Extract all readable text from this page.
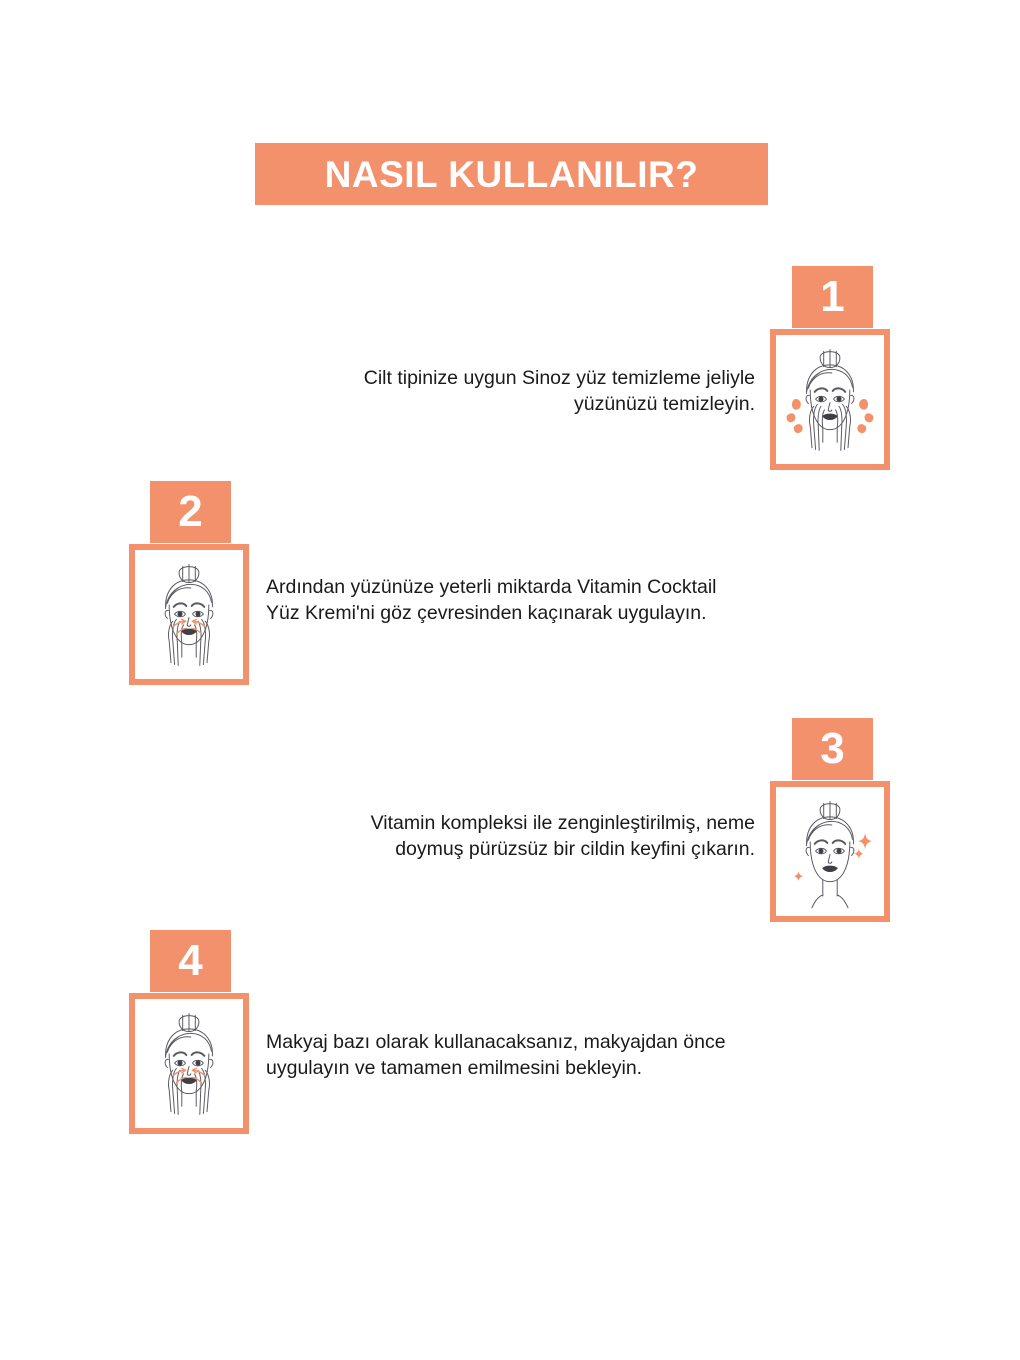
NASIL KULLANILIR?
1
Cilt tipinize uygun Sinoz yüz temizleme jeliyle yüzünüzü temizleyin.
2
Ardından yüzünüze yeterli miktarda Vitamin Cocktail Yüz Kremi'ni göz çevresinden kaçınarak uygulayın.
3
Vitamin kompleksi ile zenginleştirilmiş, neme doymuş pürüzsüz bir cildin keyfini çıkarın.
4
Makyaj bazı olarak kullanacaksanız, makyajdan önce uygulayın ve tamamen emilmesini bekleyin.
